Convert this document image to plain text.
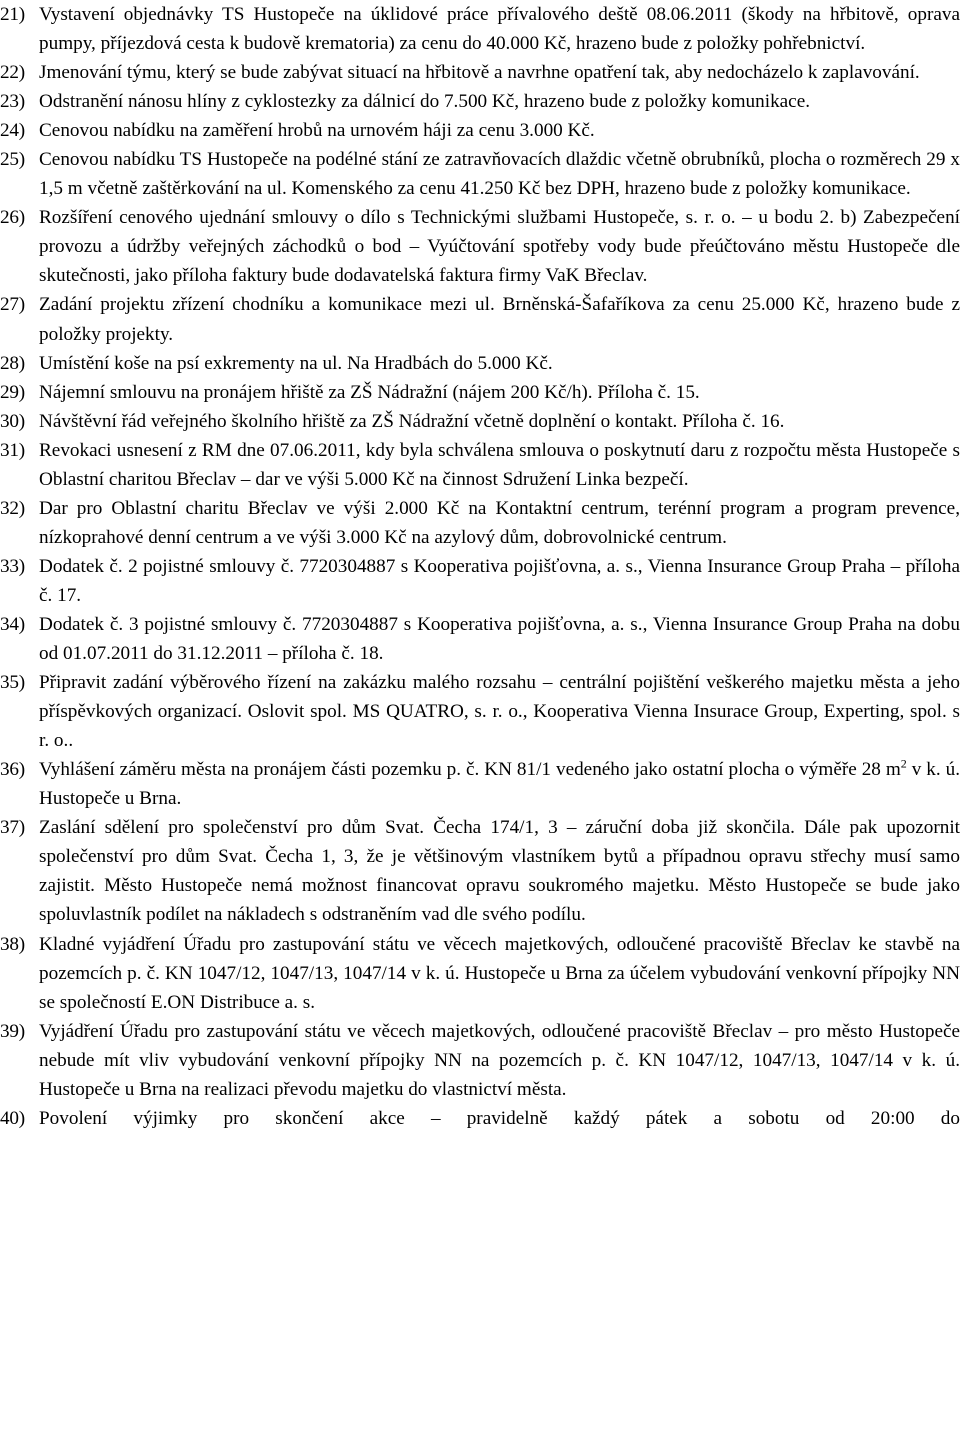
21) Vystavení objednávky TS Hustopeče na úklidové práce přívalového deště 08.06.2011 (škody na hřbitově, oprava pumpy, příjezdová cesta k budově krematoria) za cenu do 40.000 Kč, hrazeno bude z položky pohřebnictví.
22) Jmenování týmu, který se bude zabývat situací na hřbitově a navrhne opatření tak, aby nedocházelo k zaplavování.
23) Odstranění nánosu hlíny z cyklostezky za dálnicí do 7.500 Kč, hrazeno bude z položky komunikace.
24) Cenovou nabídku na zaměření hrobů na urnovém háji za cenu 3.000 Kč.
25) Cenovou nabídku TS Hustopeče na podélné stání ze zatravňovacích dlaždic včetně obrubníků, plocha o rozměrech 29 x 1,5 m včetně zaštěrkování na ul. Komenského za cenu 41.250 Kč bez DPH, hrazeno bude z položky komunikace.
26) Rozšíření cenového ujednání smlouvy o dílo s Technickými službami Hustopeče, s. r. o. – u bodu 2. b) Zabezpečení provozu a údržby veřejných záchodků o bod – Vyúčtování spotřeby vody bude přeúčtováno městu Hustopeče dle skutečnosti, jako příloha faktury bude dodavatelská faktura firmy VaK Břeclav.
27) Zadání projektu zřízení chodníku a komunikace mezi ul. Brněnská-Šafaříkova za cenu 25.000 Kč, hrazeno bude z položky projekty.
28) Umístění koše na psí exkrementy na ul. Na Hradbách do 5.000 Kč.
29) Nájemní smlouvu na pronájem hřiště za ZŠ Nádražní (nájem 200 Kč/h). Příloha č. 15.
30) Návštěvní řád veřejného školního hřiště za ZŠ Nádražní včetně doplnění o kontakt. Příloha č. 16.
31) Revokaci usnesení z RM dne 07.06.2011, kdy byla schválena smlouva o poskytnutí daru z rozpočtu města Hustopeče s Oblastní charitou Břeclav – dar ve výši 5.000 Kč na činnost Sdružení Linka bezpečí.
32) Dar pro Oblastní charitu Břeclav ve výši 2.000 Kč na Kontaktní centrum, terénní program a program prevence, nízkoprahové denní centrum a ve výši 3.000 Kč na azylový dům, dobrovolnické centrum.
33) Dodatek č. 2 pojistné smlouvy č. 7720304887 s Kooperativa pojišťovna, a. s., Vienna Insurance Group Praha – příloha č. 17.
34) Dodatek č. 3 pojistné smlouvy č. 7720304887 s Kooperativa pojišťovna, a. s., Vienna Insurance Group Praha na dobu od 01.07.2011 do 31.12.2011 – příloha č. 18.
35) Připravit zadání výběrového řízení na zakázku malého rozsahu – centrální pojištění veškerého majetku města a jeho příspěvkových organizací. Oslovit spol. MS QUATRO, s. r. o., Kooperativa Vienna Insurace Group, Experting, spol. s r. o..
36) Vyhlášení záměru města na pronájem části pozemku p. č. KN 81/1 vedeného jako ostatní plocha o výměře 28 $m^2$ v k. ú. Hustopeče u Brna.
37) Zaslání sdělení pro společenství pro dům Svat. Čecha 174/1, 3 – záruční doba již skončila. Dále pak upozornit společenství pro dům Svat. Čecha 1, 3, že je většinovým vlastníkem bytů a případnou opravu střechy musí samo zajistit. Město Hustopeče nemá možnost financovat opravu soukromého majetku. Město Hustopeče se bude jako spoluvlastník podílet na nákladech s odstraněním vad dle svého podílu.
38) Kladné vyjádření Úřadu pro zastupování státu ve věcech majetkových, odloučené pracoviště Břeclav ke stavbě na pozemcích p. č. KN 1047/12, 1047/13, 1047/14 v k. ú. Hustopeče u Brna za účelem vybudování venkovní přípojky NN se společností E.ON Distribuce a. s.
39) Vyjádření Úřadu pro zastupování státu ve věcech majetkových, odloučené pracoviště Břeclav – pro město Hustopeče nebude mít vliv vybudování venkovní přípojky NN na pozemcích p. č. KN 1047/12, 1047/13, 1047/14 v k. ú. Hustopeče u Brna na realizaci převodu majetku do vlastnictví města.
40) Povolení výjimky pro skončení akce – pravidelně každý pátek a sobotu od 20:00 do
